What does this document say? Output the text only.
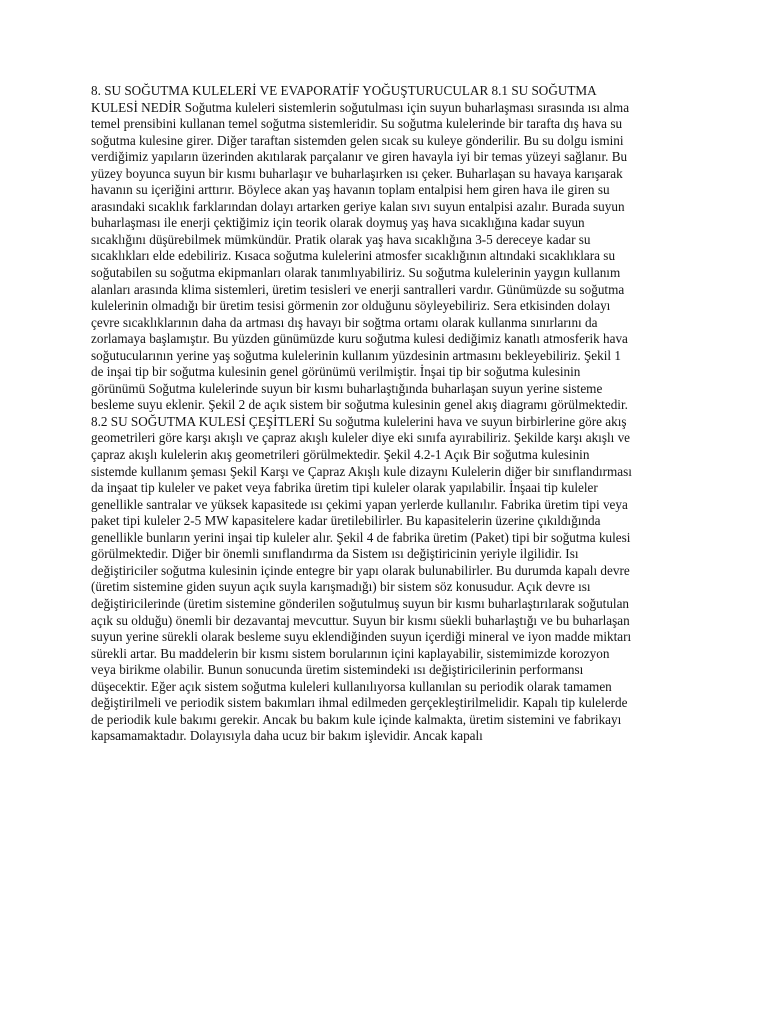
8. SU SOĞUTMA KULELERİ VE EVAPORATİF YOĞUŞTURUCULAR 8.1 SU SOĞUTMA
KULESİ NEDİR Soğutma kuleleri sistemlerin soğutulması için suyun buharlaşması sırasında ısı alma
temel prensibini kullanan temel soğutma sistemleridir. Su soğutma kulelerinde bir tarafta dış hava su
soğutma kulesine girer. Diğer taraftan sistemden gelen sıcak su kuleye gönderilir. Bu su dolgu ismini
verdiğimiz yapıların üzerinden akıtılarak parçalanır ve giren havayla iyi bir temas yüzeyi sağlanır. Bu
yüzey boyunca suyun bir kısmı buharlaşır ve buharlaşırken ısı çeker. Buharlaşan su havaya karışarak
havanın su içeriğini arttırır. Böylece akan yaş havanın toplam entalpisi hem giren hava ile giren su
arasındaki sıcaklık farklarından dolayı artarken geriye kalan sıvı suyun entalpisi azalır. Burada suyun
buharlaşması ile enerji çektiğimiz için teorik olarak doymuş yaş hava sıcaklığına kadar suyun
sıcaklığını düşürebilmek mümkündür. Pratik olarak yaş hava sıcaklığına 3-5 dereceye kadar su
sıcaklıkları elde edebiliriz. Kısaca soğutma kulelerini atmosfer sıcaklığının altındaki sıcaklıklara su
soğutabilen su soğutma ekipmanları olarak tanımlıyabiliriz. Su soğutma kulelerinin yaygın kullanım
alanları arasında klima sistemleri, üretim tesisleri ve enerji santralleri vardır. Günümüzde su soğutma
kulelerinin olmadığı bir üretim tesisi görmenin zor olduğunu söyleyebiliriz. Sera etkisinden dolayı
çevre sıcaklıklarının daha da artması dış havayı bir soğtma ortamı olarak kullanma sınırlarını da
zorlamaya başlamıştır. Bu yüzden günümüzde kuru soğutma kulesi dediğimiz kanatlı atmosferik hava
soğutucularının yerine yaş soğutma kulelerinin kullanım yüzdesinin artmasını bekleyebiliriz. Şekil 1
de inşai tip bir soğutma kulesinin genel görünümü verilmiştir. İnşai tip bir soğutma kulesinin
görünümü Soğutma kulelerinde suyun bir kısmı buharlaştığında buharlaşan suyun yerine sisteme
besleme suyu eklenir. Şekil 2 de açık sistem bir soğutma kulesinin genel akış diagramı görülmektedir.
8.2 SU SOĞUTMA KULESİ ÇEŞİTLERİ Su soğutma kulelerini hava ve suyun birbirlerine göre akış
geometrileri göre karşı akışlı ve çapraz akışlı kuleler diye eki sınıfa ayırabiliriz. Şekilde karşı akışlı ve
çapraz akışlı kulelerin akış geometrileri görülmektedir. Şekil 4.2-1 Açık Bir soğutma kulesinin
sistemde kullanım şeması Şekil Karşı ve Çapraz Akışlı kule dizaynı Kulelerin diğer bir sınıflandırması
da inşaat tip kuleler ve paket veya fabrika üretim tipi kuleler olarak yapılabilir. İnşaai tip kuleler
genellikle santralar ve yüksek kapasitede ısı çekimi yapan yerlerde kullanılır. Fabrika üretim tipi veya
paket tipi kuleler 2-5 MW kapasitelere kadar üretilebilirler. Bu kapasitelerin üzerine çıkıldığında
genellikle bunların yerini inşai tip kuleler alır. Şekil 4 de fabrika üretim (Paket) tipi bir soğutma kulesi
görülmektedir. Diğer bir önemli sınıflandırma da Sistem ısı değiştiricinin yeriyle ilgilidir. Isı
değiştiriciler soğutma kulesinin içinde entegre bir yapı olarak bulunabilirler. Bu durumda kapalı devre
(üretim sistemine giden suyun açık suyla karışmadığı) bir sistem söz konusudur. Açık devre ısı
değiştiricilerinde (üretim sistemine gönderilen soğutulmuş suyun bir kısmı buharlaştırılarak soğutulan
açık su olduğu) önemli bir dezavantaj mevcuttur. Suyun bir kısmı süekli buharlaştığı ve bu buharlaşan
suyun yerine sürekli olarak besleme suyu eklendiğinden suyun içerdiği mineral ve iyon madde miktarı
sürekli artar. Bu maddelerin bir kısmı sistem borularının içini kaplayabilir, sistemimizde korozyon
veya birikme olabilir. Bunun sonucunda üretim sistemindeki ısı değiştiricilerinin performansı
düşecektir. Eğer açık sistem soğutma kuleleri kullanılıyorsa kullanılan su periodik olarak tamamen
değiştirilmeli ve periodik sistem bakımları ihmal edilmeden gerçekleştirilmelidir. Kapalı tip kulelerde
de periodik kule bakımı gerekir. Ancak bu bakım kule içinde kalmakta, üretim sistemini ve fabrikayı
kapsamamaktadır. Dolayısıyla daha ucuz bir bakım işlevidir. Ancak kapalı
